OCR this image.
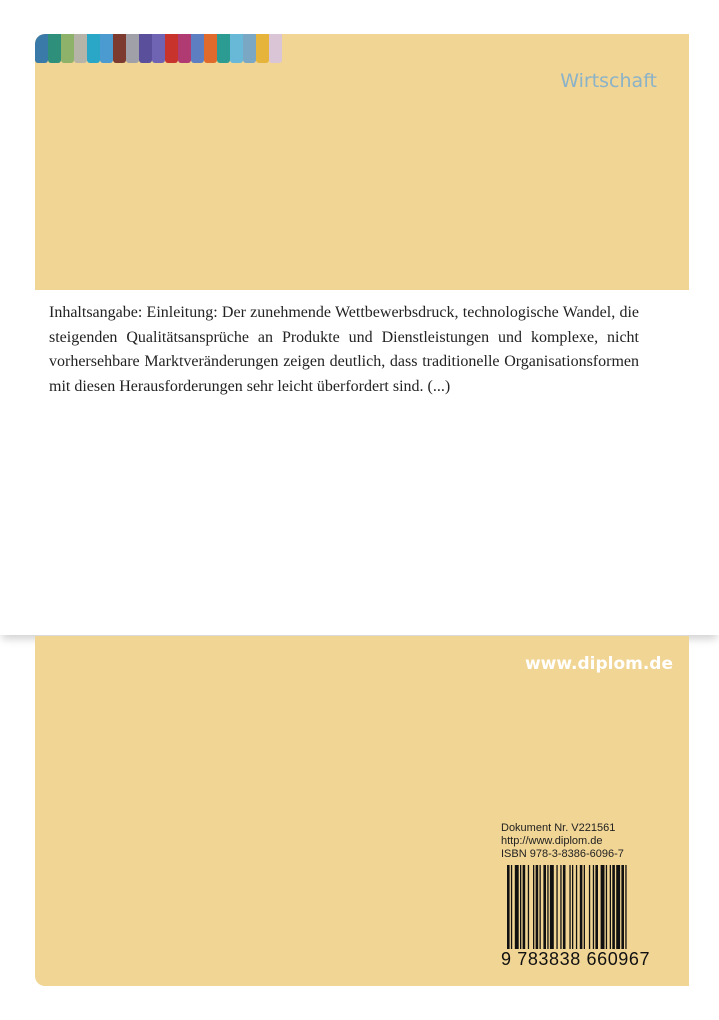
Wirtschaft

Inhaltsangabe: Einleitung: Der zunehmende Wettbewerbsdruck, technologische Wandel, die steigenden Qualitätsansprüche an Produkte und Dienstleistungen und komplexe, nicht vorhersehbare Marktveränderungen zeigen deutlich, dass traditionelle Organisationsformen mit diesen Herausforderungen sehr leicht überfordert sind. (...)

www.diplom.de
Dokument Nr. V221561
http://www.diplom.de
ISBN 978-3-8386-6096-7
9 783838 660967
